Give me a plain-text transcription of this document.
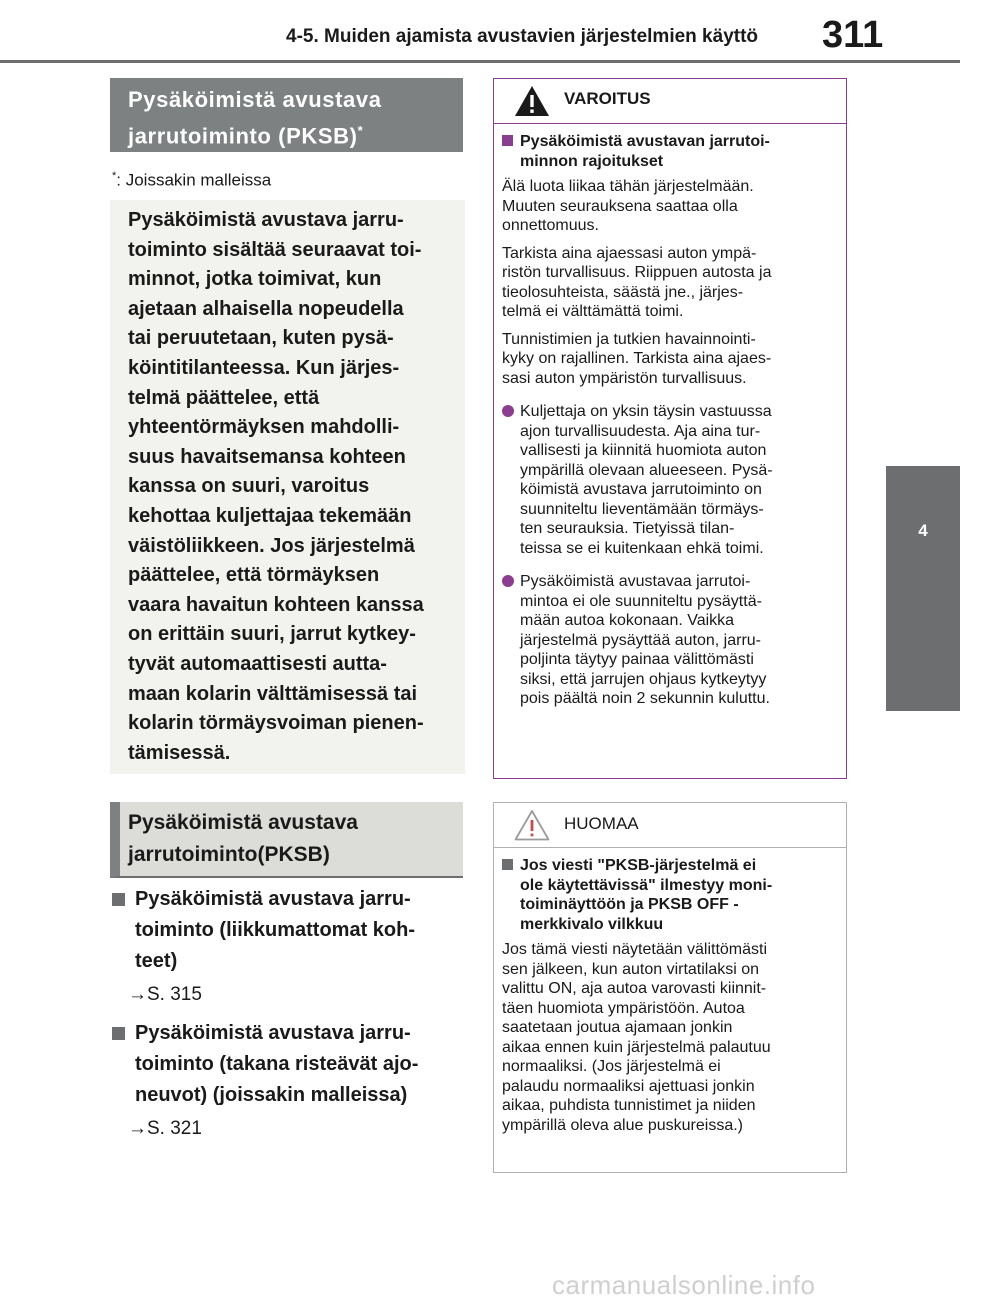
4-5. Muiden ajamista avustavien järjestelmien käyttö 311
4
Ajaminen
Pysäköimistä avustava
jarrutoiminto (PKSB)*
*: Joissakin malleissa
Pysäköimistä avustava jarru-
toiminto sisältää seuraavat toi-
minnot, jotka toimivat, kun
ajetaan alhaisella nopeudella
tai peruutetaan, kuten pysä-
köintitilanteessa. Kun järjes-
telmä päättelee, että
yhteentörmäyksen mahdolli-
suus havaitsemansa kohteen
kanssa on suuri, varoitus
kehottaa kuljettajaa tekemään
väistöliikkeen. Jos järjestelmä
päättelee, että törmäyksen
vaara havaitun kohteen kanssa
on erittäin suuri, jarrut kytkey-
tyvät automaattisesti autta-
maan kolarin välttämisessä tai
kolarin törmäysvoiman pienen-
tämisessä.
Pysäköimistä avustava
jarrutoiminto(PKSB)
Pysäköimistä avustava jarru-
toiminto (liikkumattomat koh-
teet)
→S. 315
Pysäköimistä avustava jarru-
toiminto (takana risteävät ajo-
neuvot) (joissakin malleissa)
→S. 321
VAROITUS
Pysäköimistä avustavan jarrutoi-
minnon rajoitukset
Älä luota liikaa tähän järjestelmään.
Muuten seurauksena saattaa olla
onnettomuus.
Tarkista aina ajaessasi auton ympä-
ristön turvallisuus. Riippuen autosta ja
tieolosuhteista, säästä jne., järjes-
telmä ei välttämättä toimi.
Tunnistimien ja tutkien havainnointi-
kyky on rajallinen. Tarkista aina ajaes-
sasi auton ympäristön turvallisuus.
Kuljettaja on yksin täysin vastuussa
ajon turvallisuudesta. Aja aina tur-
vallisesti ja kiinnitä huomiota auton
ympärillä olevaan alueeseen. Pysä-
köimistä avustava jarrutoiminto on
suunniteltu lieventämään törmäys-
ten seurauksia. Tietyissä tilan-
teissa se ei kuitenkaan ehkä toimi.
Pysäköimistä avustavaa jarrutoi-
mintoa ei ole suunniteltu pysäyttä-
mään autoa kokonaan. Vaikka
järjestelmä pysäyttää auton, jarru-
poljinta täytyy painaa välittömästi
siksi, että jarrujen ohjaus kytkeytyy
pois päältä noin 2 sekunnin kuluttu.
HUOMAA
Jos viesti "PKSB-järjestelmä ei
ole käytettävissä" ilmestyy moni-
toiminäyttöön ja PKSB OFF -
merkkivalo vilkkuu
Jos tämä viesti näytetään välittömästi
sen jälkeen, kun auton virtatilaksi on
valittu ON, aja autoa varovasti kiinnit-
täen huomiota ympäristöön. Autoa
saatetaan joutua ajamaan jonkin
aikaa ennen kuin järjestelmä palautuu
normaaliksi. (Jos järjestelmä ei
palaudu normaaliksi ajettuasi jonkin
aikaa, puhdista tunnistimet ja niiden
ympärillä oleva alue puskureissa.)
carmanualsonline.info
